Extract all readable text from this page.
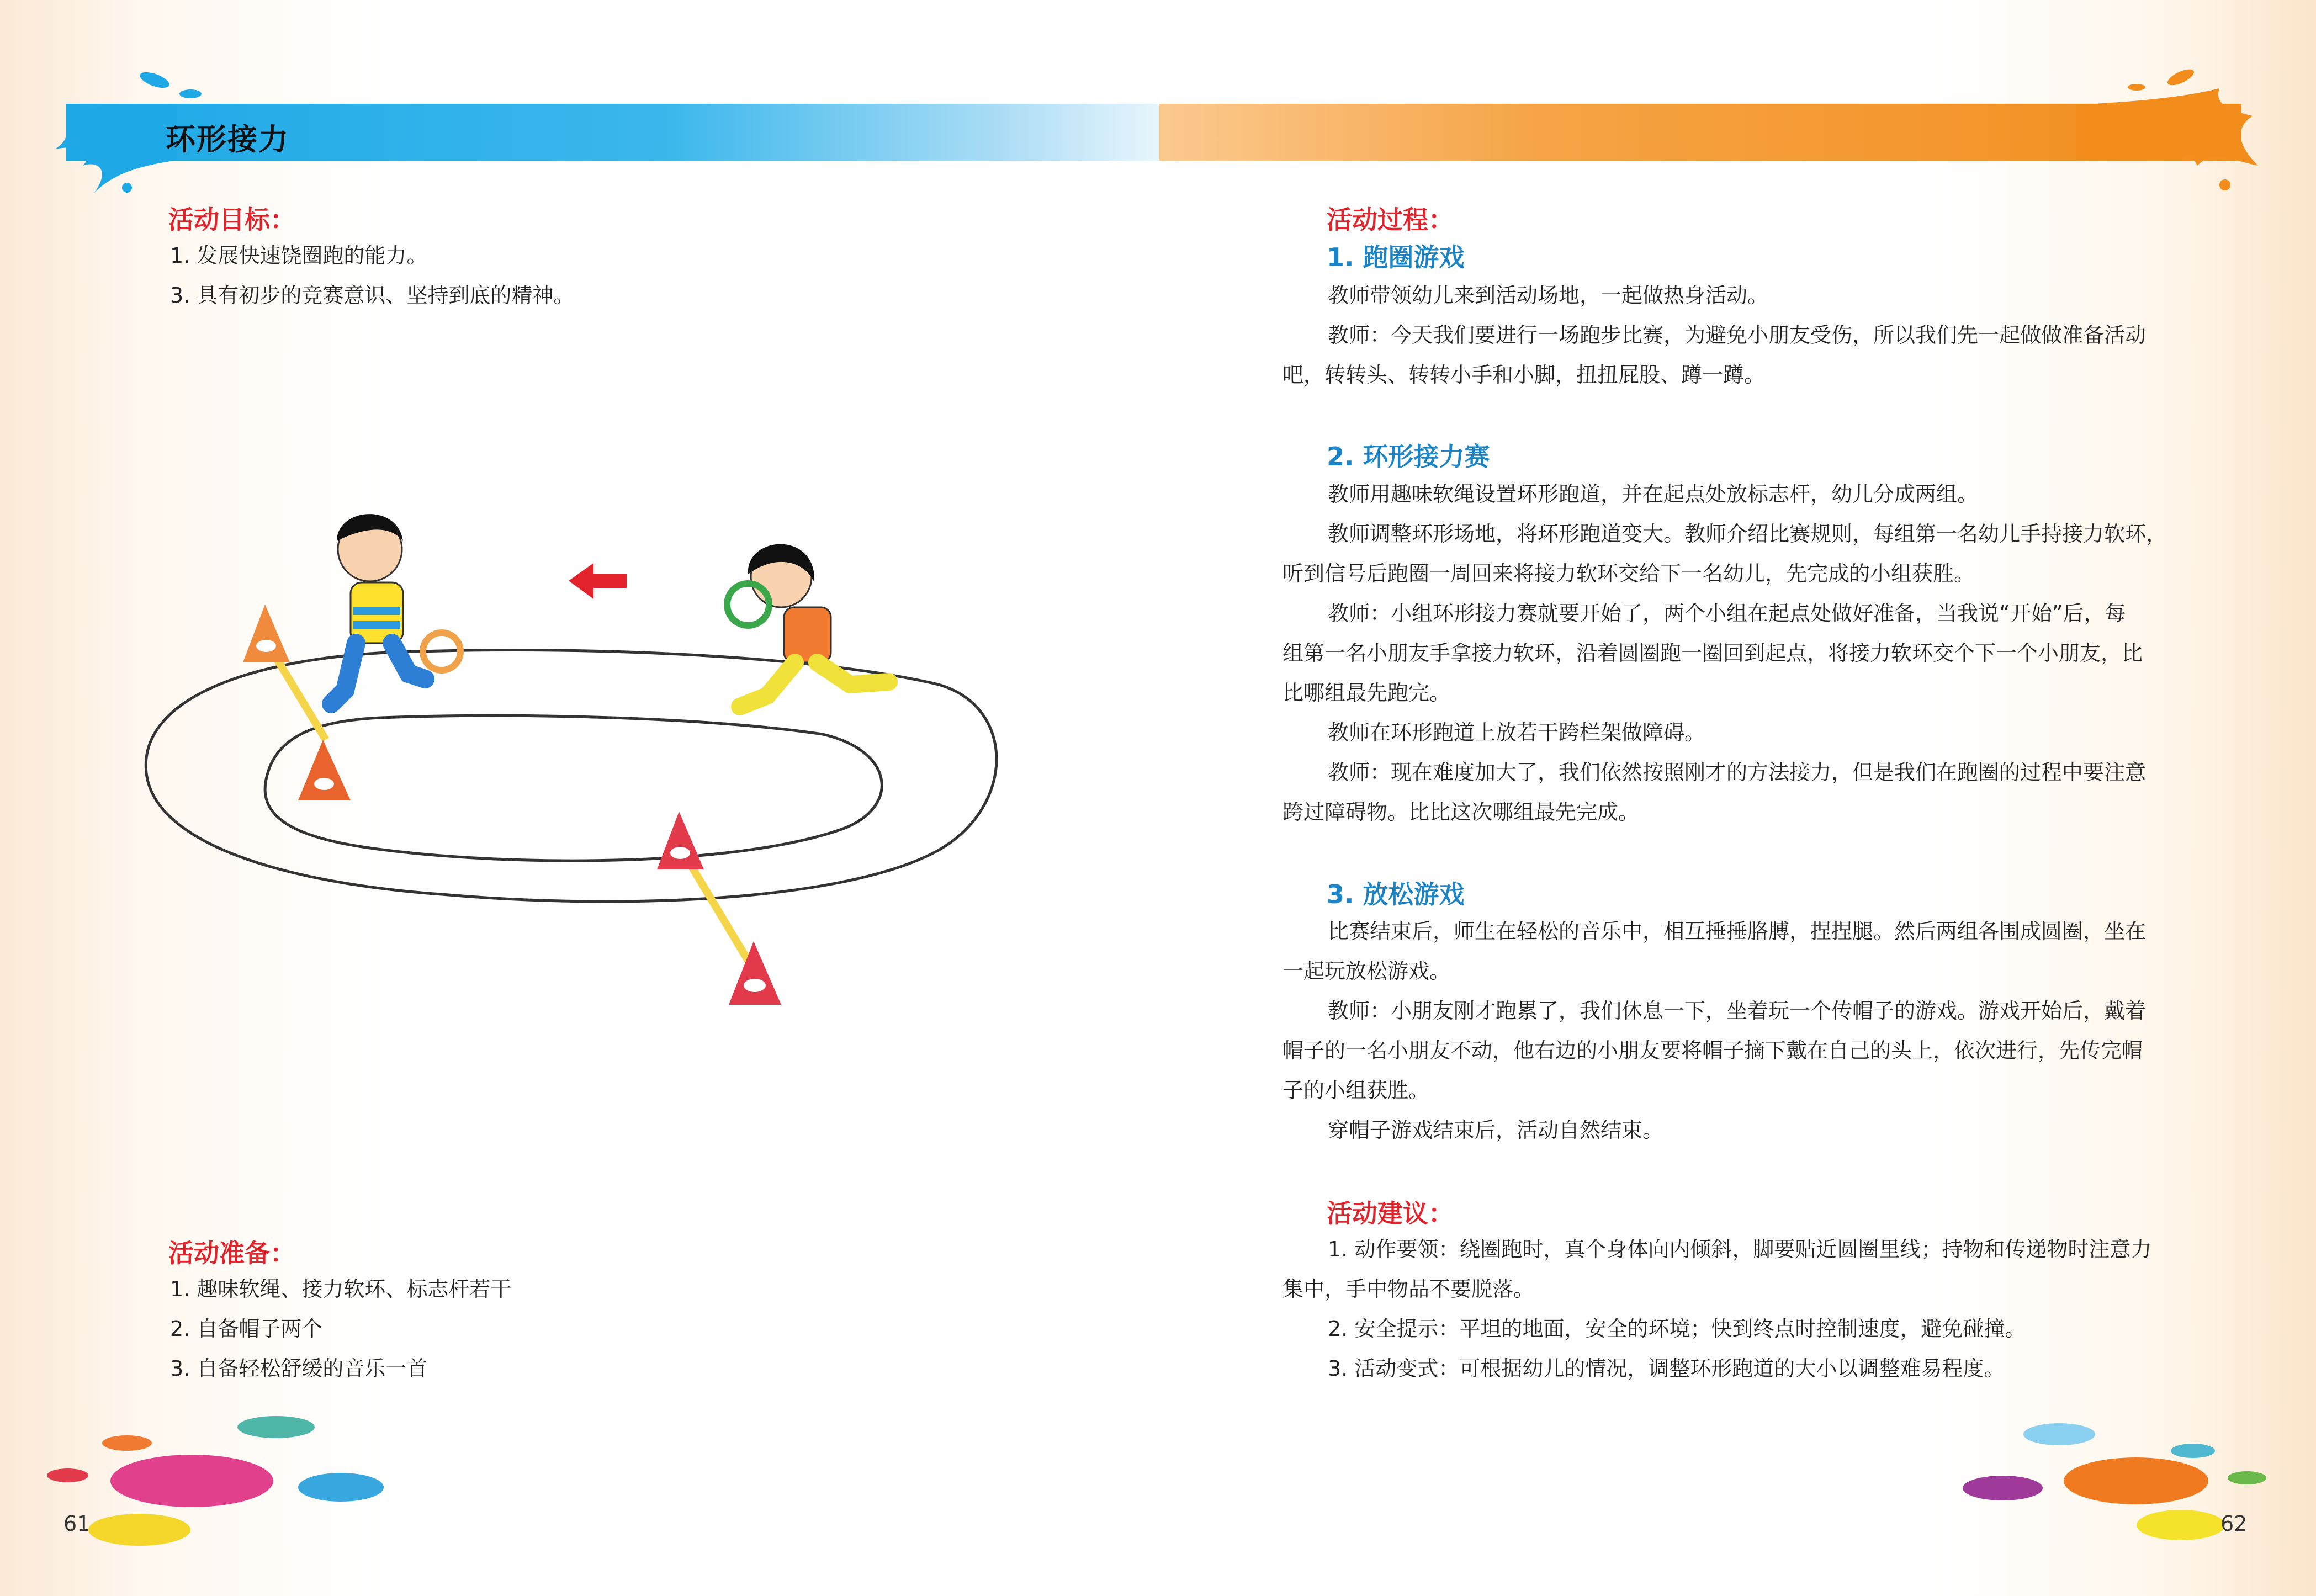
环形接力
活动目标：
1. 发展快速饶圈跑的能力。
3. 具有初步的竞赛意识、坚持到底的精神。
活动准备：
1. 趣味软绳、接力软环、标志杆若干
2. 自备帽子两个
3. 自备轻松舒缓的音乐一首
61
活动过程：
1. 跑圈游戏
教师带领幼儿来到活动场地，一起做热身活动。
教师：今天我们要进行一场跑步比赛，为避免小朋友受伤，所以我们先一起做做准备活动
吧，转转头、转转小手和小脚，扭扭屁股、蹲一蹲。
2. 环形接力赛
教师用趣味软绳设置环形跑道，并在起点处放标志杆，幼儿分成两组。
教师调整环形场地，将环形跑道变大。教师介绍比赛规则，每组第一名幼儿手持接力软环，
听到信号后跑圈一周回来将接力软环交给下一名幼儿，先完成的小组获胜。
教师：小组环形接力赛就要开始了，两个小组在起点处做好准备，当我说“开始”后，每
组第一名小朋友手拿接力软环，沿着圆圈跑一圈回到起点，将接力软环交个下一个小朋友，比
比哪组最先跑完。
教师在环形跑道上放若干跨栏架做障碍。
教师：现在难度加大了，我们依然按照刚才的方法接力，但是我们在跑圈的过程中要注意
跨过障碍物。比比这次哪组最先完成。
3. 放松游戏
比赛结束后，师生在轻松的音乐中，相互捶捶胳膊，捏捏腿。然后两组各围成圆圈，坐在
一起玩放松游戏。
教师：小朋友刚才跑累了，我们休息一下，坐着玩一个传帽子的游戏。游戏开始后，戴着
帽子的一名小朋友不动，他右边的小朋友要将帽子摘下戴在自己的头上，依次进行，先传完帽
子的小组获胜。
穿帽子游戏结束后，活动自然结束。
活动建议：
1. 动作要领：绕圈跑时，真个身体向内倾斜，脚要贴近圆圈里线；持物和传递物时注意力
集中，手中物品不要脱落。
2. 安全提示：平坦的地面，安全的环境；快到终点时控制速度，避免碰撞。
3. 活动变式：可根据幼儿的情况，调整环形跑道的大小以调整难易程度。
62
